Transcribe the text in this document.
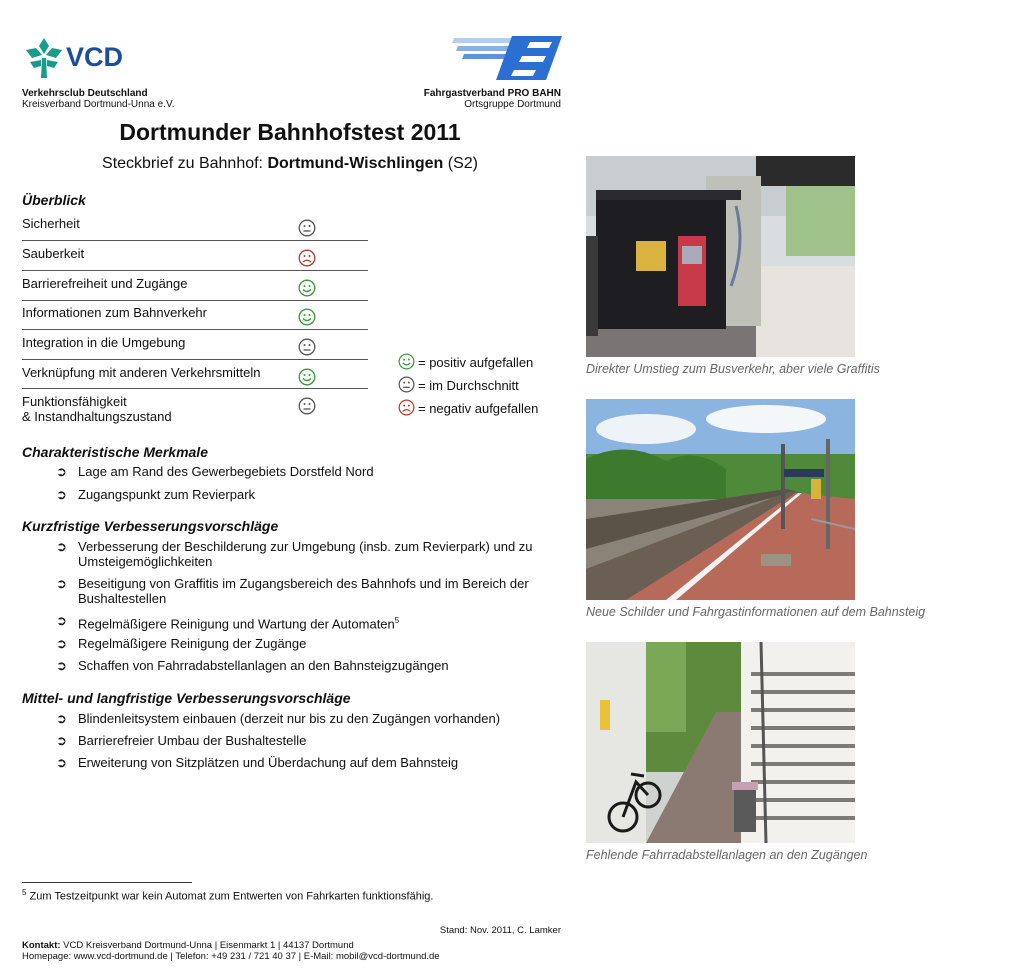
VCD
Verkehrsclub Deutschland
Kreisverband Dortmund-Unna e.V.
Fahrgastverband PRO BAHN
Ortsgruppe Dortmund
Dortmunder Bahnhofstest 2011
Steckbrief zu Bahnhof: Dortmund-Wischlingen (S2)
Überblick
Sicherheit
Sauberkeit
Barrierefreiheit und Zugänge
Informationen zum Bahnverkehr
Integration in die Umgebung
Verknüpfung mit anderen Verkehrsmitteln
Funktionsfähigkeit
& Instandhaltungszustand
= positiv aufgefallen
= im Durchschnitt
= negativ aufgefallen
Charakteristische Merkmale
➲ Lage am Rand des Gewerbegebiets Dorstfeld Nord
➲ Zugangspunkt zum Revierpark
Kurzfristige Verbesserungsvorschläge
➲ Verbesserung der Beschilderung zur Umgebung (insb. zum Revierpark) und zu
Umsteigemöglichkeiten
➲ Beseitigung von Graffitis im Zugangsbereich des Bahnhofs und im Bereich der
Bushaltestellen
➲ Regelmäßigere Reinigung und Wartung der Automaten$^5$
➲ Regelmäßigere Reinigung der Zugänge
➲ Schaffen von Fahrradabstellanlagen an den Bahnsteigzugängen
Mittel- und langfristige Verbesserungsvorschläge
➲ Blindenleitsystem einbauen (derzeit nur bis zu den Zugängen vorhanden)
➲ Barrierefreier Umbau der Bushaltestelle
➲ Erweiterung von Sitzplätzen und Überdachung auf dem Bahnsteig
Direkter Umstieg zum Busverkehr, aber viele Graffitis
Neue Schilder und Fahrgastinformationen auf dem Bahnsteig
Fehlende Fahrradabstellanlagen an den Zugängen
$^5$ Zum Testzeitpunkt war kein Automat zum Entwerten von Fahrkarten funktionsfähig.
Stand: Nov. 2011, C. Lamker
Kontakt: VCD Kreisverband Dortmund-Unna | Eisenmarkt 1 | 44137 Dortmund
Homepage: www.vcd-dortmund.de | Telefon: +49 231 / 721 40 37 | E-Mail: mobil@vcd-dortmund.de
